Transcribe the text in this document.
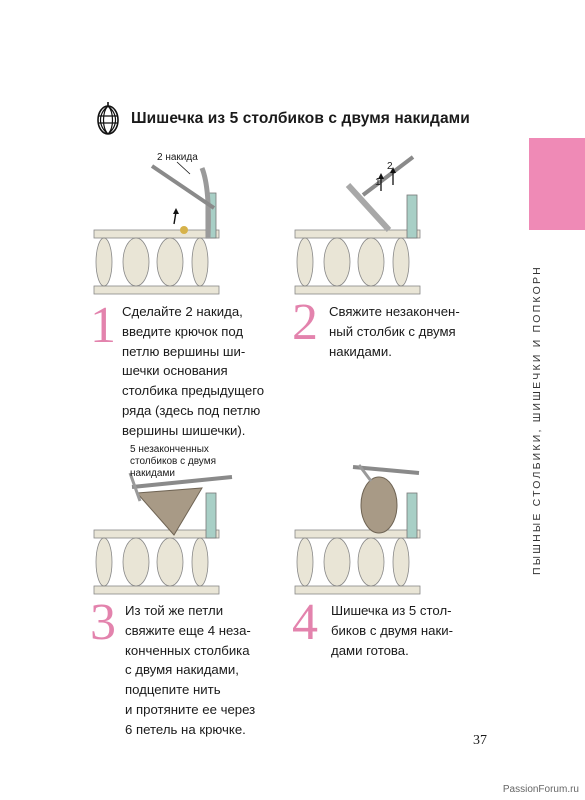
Шишечка из 5 столбиков с двумя накидами
ПЫШНЫЕ СТОЛБИКИ, ШИШЕЧКИ И ПОПКОРН
2 накида
1 Сделайте 2 накида,
введите крючок под
петлю вершины ши-
шечки основания
столбика предыдущего
ряда (здесь под петлю
вершины шишечки).
1
2
2 Свяжите незакончен-
ный столбик с двумя
накидами.
5 незаконченных
столбиков с двумя
накидами
3 Из той же петли
свяжите еще 4 неза-
конченных столбика
с двумя накидами,
подцепите нить
и протяните ее через
6 петель на крючке.
4 Шишечка из 5 стол-
биков с двумя наки-
дами готова.
37
PassionForum.ru
